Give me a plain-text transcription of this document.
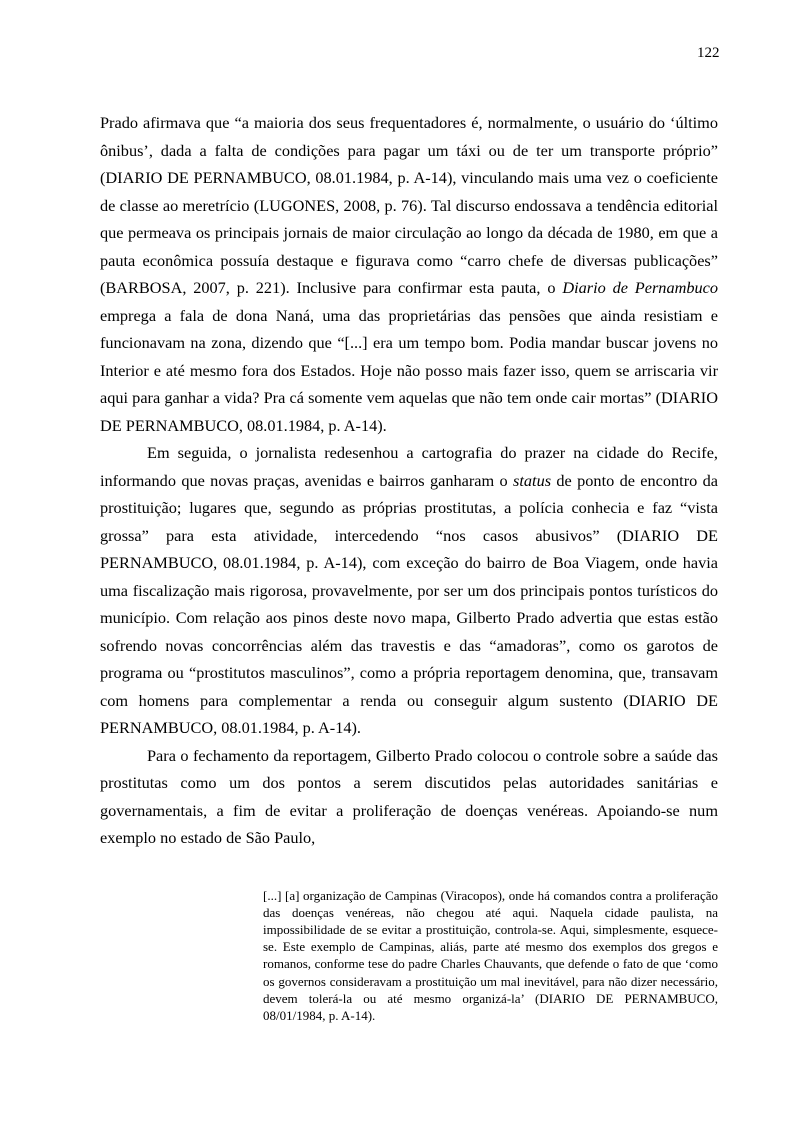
122

Prado afirmava que “a maioria dos seus frequentadores é, normalmente, o usuário do ‘último ônibus’, dada a falta de condições para pagar um táxi ou de ter um transporte próprio” (DIARIO DE PERNAMBUCO, 08.01.1984, p. A-14), vinculando mais uma vez o coeficiente de classe ao meretrício (LUGONES, 2008, p. 76). Tal discurso endossava a tendência editorial que permeava os principais jornais de maior circulação ao longo da década de 1980, em que a pauta econômica possuía destaque e figurava como “carro chefe de diversas publicações” (BARBOSA, 2007, p. 221). Inclusive para confirmar esta pauta, o Diario de Pernambuco emprega a fala de dona Naná, uma das proprietárias das pensões que ainda resistiam e funcionavam na zona, dizendo que “[...] era um tempo bom. Podia mandar buscar jovens no Interior e até mesmo fora dos Estados. Hoje não posso mais fazer isso, quem se arriscaria vir aqui para ganhar a vida? Pra cá somente vem aquelas que não tem onde cair mortas” (DIARIO DE PERNAMBUCO, 08.01.1984, p. A-14).

Em seguida, o jornalista redesenhou a cartografia do prazer na cidade do Recife, informando que novas praças, avenidas e bairros ganharam o status de ponto de encontro da prostituição; lugares que, segundo as próprias prostitutas, a polícia conhecia e faz “vista grossa” para esta atividade, intercedendo “nos casos abusivos” (DIARIO DE PERNAMBUCO, 08.01.1984, p. A-14), com exceção do bairro de Boa Viagem, onde havia uma fiscalização mais rigorosa, provavelmente, por ser um dos principais pontos turísticos do município. Com relação aos pinos deste novo mapa, Gilberto Prado advertia que estas estão sofrendo novas concorrências além das travestis e das “amadoras”, como os garotos de programa ou “prostitutos masculinos”, como a própria reportagem denomina, que, transavam com homens para complementar a renda ou conseguir algum sustento (DIARIO DE PERNAMBUCO, 08.01.1984, p. A-14).

Para o fechamento da reportagem, Gilberto Prado colocou o controle sobre a saúde das prostitutas como um dos pontos a serem discutidos pelas autoridades sanitárias e governamentais, a fim de evitar a proliferação de doenças venéreas. Apoiando-se num exemplo no estado de São Paulo,

[...] [a] organização de Campinas (Viracopos), onde há comandos contra a proliferação das doenças venéreas, não chegou até aqui. Naquela cidade paulista, na impossibilidade de se evitar a prostituição, controla-se. Aqui, simplesmente, esquece-se. Este exemplo de Campinas, aliás, parte até mesmo dos exemplos dos gregos e romanos, conforme tese do padre Charles Chauvants, que defende o fato de que ‘como os governos consideravam a prostituição um mal inevitável, para não dizer necessário, devem tolerá-la ou até mesmo organizá-la’ (DIARIO DE PERNAMBUCO, 08/01/1984, p. A-14).
